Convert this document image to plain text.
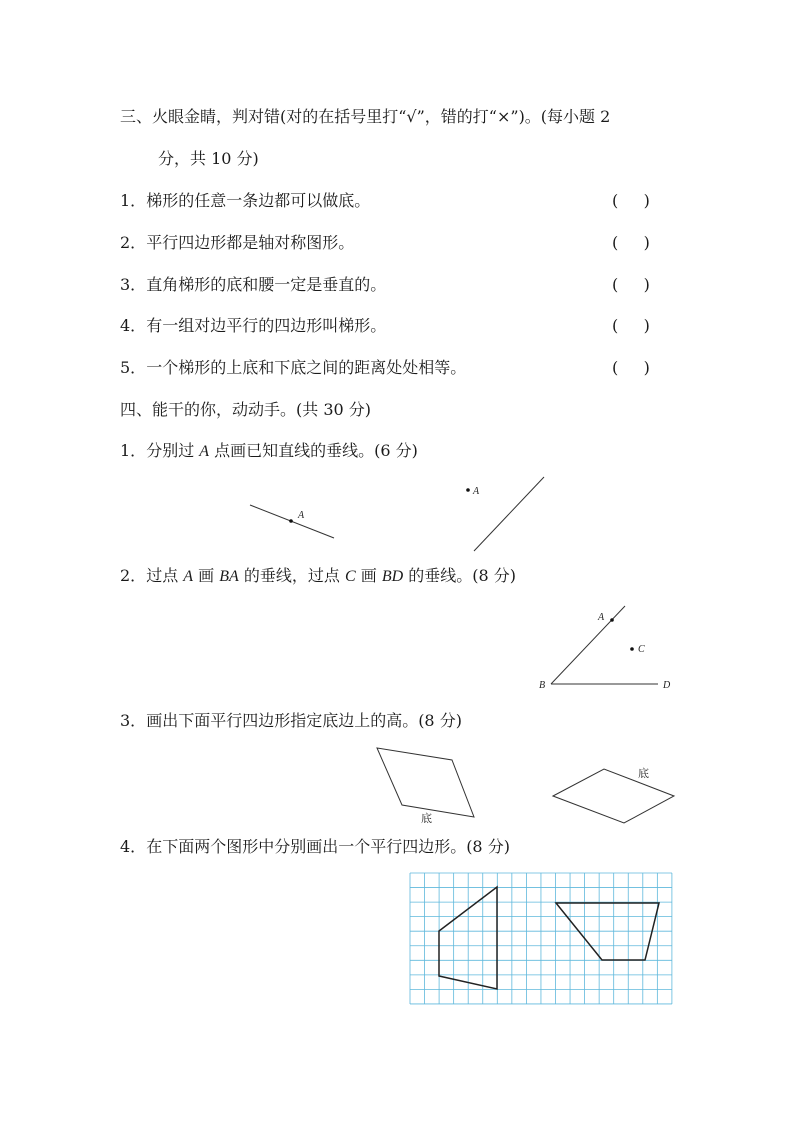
三、火眼金睛，判对错(对的在括号里打“√”，错的打“×”)。(每小题 2
分，共 10 分)
1．梯形的任意一条边都可以做底。	(     )
2．平行四边形都是轴对称图形。	(     )
3．直角梯形的底和腰一定是垂直的。	(     )
4．有一组对边平行的四边形叫梯形。	(     )
5．一个梯形的上底和下底之间的距离处处相等。	(     )
四、能干的你，动动手。(共 30 分)
1．分别过 A 点画已知直线的垂线。(6 分)
A
A
2．过点 A 画 BA 的垂线，过点 C 画 BD 的垂线。(8 分)
A
C
B	D
3．画出下面平行四边形指定底边上的高。(8 分)
底
底
4．在下面两个图形中分别画出一个平行四边形。(8 分)
